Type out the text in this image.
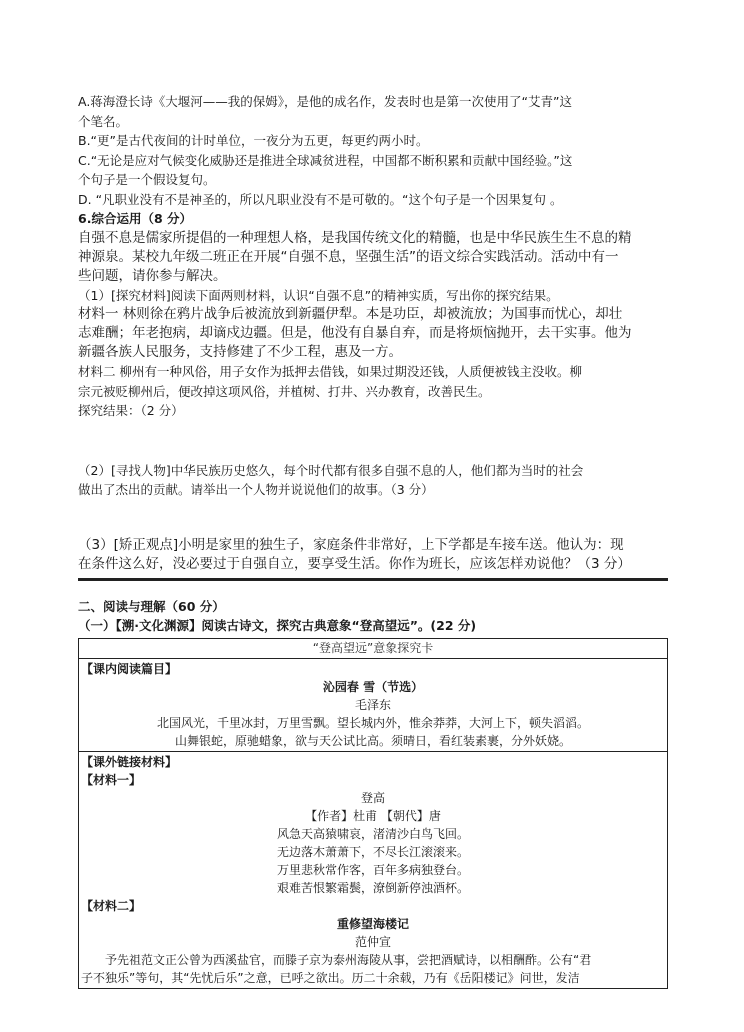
A.蒋海澄长诗《大堰河——我的保姆》，是他的成名作，发表时也是第一次使用了“艾青”这

个笔名。

B.“更”是古代夜间的计时单位，一夜分为五更，每更约两小时。

C.“无论是应对气候变化威胁还是推进全球减贫进程，中国都不断积累和贡献中国经验。”这

个句子是一个假设复句。

D. “凡职业没有不是神圣的，所以凡职业没有不是可敬的。“这个句子是一个因果复句 。

6.综合运用（8 分）

自强不息是儒家所提倡的一种理想人格，是我国传统文化的精髓，也是中华民族生生不息的精

神源泉。某校九年级二班正在开展“自强不息，坚强生活”的语文综合实践活动。活动中有一

些问题，请你参与解决。

（1）[探究材料]阅读下面两则材料，认识“自强不息”的精神实质，写出你的探究结果。

材料一 林则徐在鸦片战争后被流放到新疆伊犁。本是功臣，却被流放；为国事而忧心，却壮

志难酬；年老抱病，却谪戍边疆。但是，他没有自暴自弃，而是将烦恼抛开，去干实事。他为

新疆各族人民服务，支持修建了不少工程，惠及一方。

材料二 柳州有一种风俗，用子女作为抵押去借钱，如果过期没还钱，人质便被钱主没收。柳

宗元被贬柳州后，便改掉这项风俗，并植树、打井、兴办教育，改善民生。

探究结果：（2 分）

（2）[寻找人物]中华民族历史悠久，每个时代都有很多自强不息的人，他们都为当时的社会

做出了杰出的贡献。请举出一个人物并说说他们的故事。（3 分）

（3）[矫正观点]小明是家里的独生子，家庭条件非常好，上下学都是车接车送。他认为：现

在条件这么好，没必要过于自强自立，要享受生活。你作为班长，应该怎样劝说他？（3 分）

二、阅读与理解（60 分）

（一）【溯·文化渊源】阅读古诗文，探究古典意象“登高望远”。(22 分)

“登高望远”意象探究卡

【课内阅读篇目】

沁园春 雪（节选）

毛泽东

北国风光，千里冰封，万里雪飘。望长城内外，惟余莽莽，大河上下，顿失滔滔。

山舞银蛇，原驰蜡象，欲与天公试比高。须晴日，看红装素裹，分外妖娆。

【课外链接材料】

【材料一】

登高

【作者】杜甫 【朝代】唐

风急天高猿啸哀，渚清沙白鸟飞回。

无边落木萧萧下，不尽长江滚滚来。

万里悲秋常作客，百年多病独登台。

艰难苦恨繁霜鬓，潦倒新停浊酒杯。

【材料二】

重修望海楼记

范仲宣

予先祖范文正公曾为西溪盐官，而滕子京为泰州海陵从事，尝把酒赋诗，以相酬酢。公有“君

子不独乐”等句，其“先忧后乐”之意，已呼之欲出。历二十余载，乃有《岳阳楼记》问世，发洁
